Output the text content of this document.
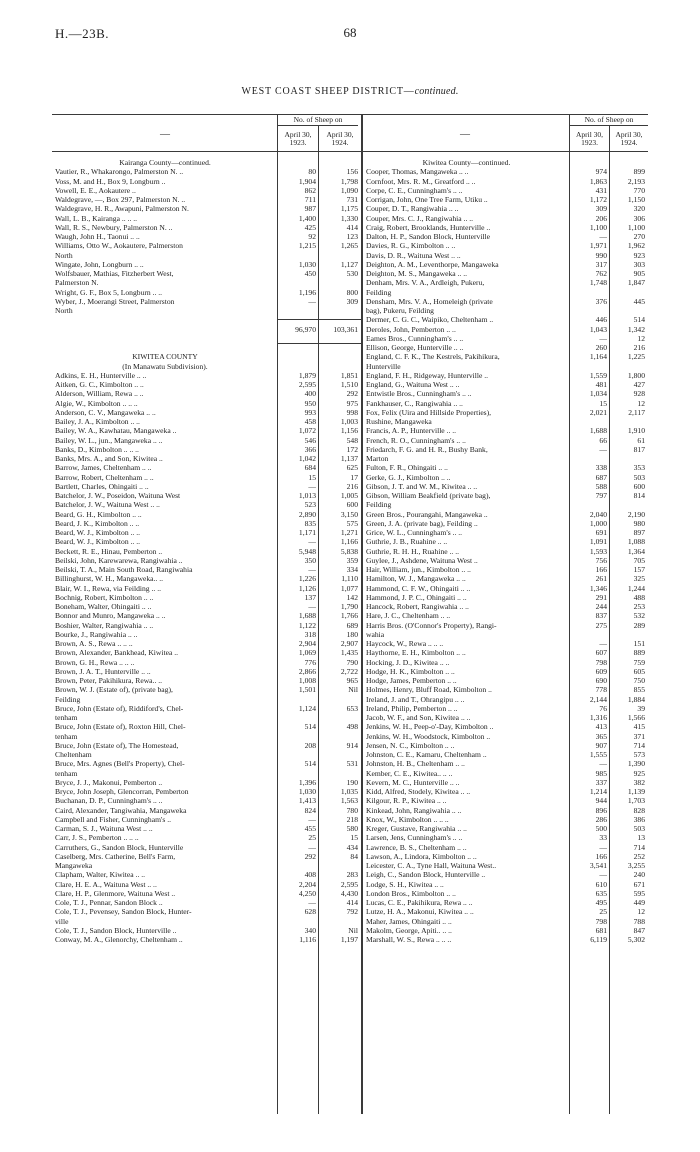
H.—23B.	68
WEST COAST SHEEP DISTRICT—continued.
—
No. of Sheep on
April 30,
1923.
April 30,
1924.
—
No. of Sheep on
April 30,
1923.
April 30,
1924.
Kairanga County—continued.
Vautier, R., Whakarongo, Palmerston N. ..	80	156
Voss, M. and H., Box 9, Longburn ..	1,904	1,798
Vowell, E. E., Aokautere ..	862	1,090
Waldegrave, —, Box 297, Palmerston N. ..	711	731
Waldegrave, H. R., Awapuni, Palmerston N.	987	1,175
Wall, L. B., Kairanga .. .. ..	1,400	1,330
Wall, R. S., Newbury, Palmerston N. ..	425	414
Waugh, John H., Taonui .. ..	92	123
Williams, Otto W., Aokautere, Palmerston	1,215	1,265
North
Wingate, John, Longburn .. ..	1,030	1,127
Wolfsbauer, Mathias, Fitzherbert West,	450	530
Palmerston N.
Wright, G. F., Box 5, Longburn .. ..	1,196	800
Wyber, J., Moerangi Street, Palmerston	—	309
North
96,970 103,361
KIWITEA COUNTY
(In Manawatu Subdivision).
Adkins, E. H., Hunterville .. ..	1,879	1,851
Aitken, G. C., Kimbolton .. ..	2,595	1,510
Alderson, William, Rewa .. ..	400	292
Algie, W., Kimbolton .. .. ..	950	975
Anderson, C. V., Mangaweka .. ..	993	998
Bailey, J. A., Kimbolton .. ..	458	1,003
Bailey, W. A., Kawhatau, Mangaweka ..	1,072	1,156
Bailey, W. L., jun., Mangaweka .. ..	546	548
Banks, D., Kimbolton .. .. ..	366	172
Banks, Mrs. A., and Son, Kiwitea ..	1,042	1,137
Barrow, James, Cheltenham .. ..	684	625
Barrow, Robert, Cheltenham .. ..	15	17
Bartlett, Charles, Ohingaiti .. ..	—	216
Batchelor, J. W., Poseidon, Waituna West	1,013	1,005
Batchelor, J. W., Waituna West .. ..	523	600
Beard, G. H., Kimbolton .. ..	2,890	3,150
Beard, J. K., Kimbolton .. ..	835	575
Beard, W. J., Kimbolton .. ..	1,171	1,271
Beard, W. J., Kimbolton .. ..	—	1,166
Beckett, R. E., Hinau, Pemberton ..	5,948	5,838
Beilski, John, Karewarewa, Rangiwahia ..	350	359
Beilski, T. A., Main South Road, Rangiwahia	—	334
Billinghurst, W. H., Mangaweka.. ..	1,226	1,110
Blair, W. I., Rewa, via Feilding .. ..	1,126	1,077
Bochnig, Robert, Kimbolton .. ..	137	142
Boneham, Walter, Ohingaiti .. ..	—	1,790
Bonnor and Munro, Mangaweka .. ..	1,688	1,766
Boshier, Walter, Rangiwahia .. ..	1,122	689
Bourke, J., Rangiwahia .. ..	318	180
Brown, A. S., Rewa .. .. ..	2,904	2,907
Brown, Alexander, Bankhead, Kiwitea ..	1,069	1,435
Brown, G. H., Rewa .. .. ..	776	790
Brown, J. A. T., Hunterville .. ..	2,866	2,722
Brown, Peter, Pakihikura, Rewa.. ..	1,008	965
Brown, W. J. (Estate of), (private bag),	1,501	Nil
Feilding
Bruce, John (Estate of), Riddiford's, Chel-	1,124	653
tenham
Bruce, John (Estate of), Roxton Hill, Chel-	514	498
tenham
Bruce, John (Estate of), The Homestead,	208	914
Cheltenham
Bruce, Mrs. Agnes (Bell's Property), Chel-	514	531
tenham
Bryce, J. J., Makonui, Pemberton ..	1,396	190
Bryce, John Joseph, Glencorran, Pemberton	1,030	1,035
Buchanan, D. P., Cunningham's .. ..	1,413	1,563
Caird, Alexander, Tangiwahia, Mangaweka	824	780
Campbell and Fisher, Cunningham's ..	—	218
Carman, S. J., Waituna West .. ..	455	580
Carr, J. S., Pemberton .. .. ..	25	15
Carruthers, G., Sandon Block, Hunterville	—	434
Caselberg, Mrs. Catherine, Bell's Farm,	292	84
Mangaweka
Clapham, Walter, Kiwitea .. ..	408	283
Clare, H. E. A., Waituna West .. ..	2,204	2,595
Clare, H. P., Glenmore, Waituna West ..	4,250	4,430
Cole, T. J., Pennar, Sandon Block ..	—	414
Cole, T. J., Pevensey, Sandon Block, Hunter-	628	792
ville
Cole, T. J., Sandon Block, Hunterville ..	340	Nil
Conway, M. A., Glenorchy, Cheltenham ..	1,116	1,197
Kiwitea County—continued.
Cooper, Thomas, Mangaweka .. ..	974	899
Cornfoot, Mrs. R. M., Greatford .. ..	1,863	2,193
Corpe, C. E., Cunningham's .. ..	431	770
Corrigan, John, One Tree Farm, Utiku ..	1,172	1,150
Couper, D. T., Rangiwahia .. ..	309	320
Couper, Mrs. C. J., Rangiwahia .. ..	206	306
Craig, Robert, Brooklands, Hunterville ..	1,100	1,100
Dalton, H. P., Sandon Block, Hunterville	—	270
Davies, R. G., Kimbolton .. ..	1,971	1,962
Davis, D. R., Waituna West .. ..	990	923
Deighton, A. M., Leventhorpe, Mangaweka	317	303
Deighton, M. S., Mangaweka .. ..	762	905
Denham, Mrs. V. A., Ardleigh, Pukeru,	1,748	1,847
Feilding
Densham, Mrs. V. A., Homeleigh (private	376	445
bag), Pukeru, Feilding
Dermer, C. G. C., Waipiko, Cheltenham ..	446	514
Deroles, John, Pemberton .. ..	1,043	1,342
Eames Bros., Cunningham's .. ..	—	12
Ellison, George, Hunterville .. ..	260	216
England, C. F. K., The Kestrels, Pakihikura,	1,164	1,225
Hunterville
England, F. H., Ridgeway, Hunterville ..	1,559	1,800
England, G., Waituna West .. ..	481	427
Entwistle Bros., Cunningham's .. ..	1,034	928
Fankhauser, C., Rangiwahia .. ..	15	12
Fox, Felix (Uira and Hillside Properties),	2,021	2,117
Rushine, Mangaweka
Francis, A. P., Hunterville .. ..	1,688	1,910
French, R. O., Cunningham's .. ..	66	61
Friedarch, F. G. and H. R., Bushy Bank,	—	817
Marton
Fulton, F. R., Ohingaiti .. ..	338	353
Gerke, G. J., Kimbolton .. ..	687	503
Gibson, J. T. and W. M., Kiwitea .. ..	588	600
Gibson, William Beakfield (private bag),	797	814
Feilding
Green Bros., Pourangahi, Mangaweka ..	2,040	2,190
Green, J. A. (private bag), Feilding ..	1,000	980
Grice, W. L., Cunningham's .. ..	691	897
Guthrie, J. B., Ruahine .. ..	1,091	1,088
Guthrie, R. H. H., Ruahine .. ..	1,593	1,364
Guylee, J., Ashdene, Waituna West ..	756	705
Hair, William, jun., Kimbolton .. ..	166	157
Hamilton, W. J., Mangaweka .. ..	261	325
Hammond, C. F. W., Ohingaiti .. ..	1,346	1,244
Hammond, J. P. C., Ohingaiti .. ..	291	488
Hancock, Robert, Rangiwahia .. ..	244	253
Hare, J. C., Cheltenham .. ..	837	532
Harris Bros. (O'Connor's Property), Rangi-	275	289
wahia
Haycock, W., Rewa .. .. ..	—	151
Haythorne, E. H., Kimbolton .. ..	607	889
Hocking, J. D., Kiwitea .. ..	798	759
Hodge, H. K., Kimbolton .. ..	609	605
Hodge, James, Pemberton .. ..	690	750
Holmes, Henry, Bluff Road, Kimbolton ..	778	855
Ireland, J. and T., Ohrangipu .. ..	2,144	1,884
Ireland, Philip, Pemberton .. ..	76	39
Jacob, W. F., and Son, Kiwitea .. ..	1,316	1,566
Jenkins, W. H., Peep-o'-Day, Kimbolton ..	413	415
Jenkins, W. H., Woodstock, Kimbolton ..	365	371
Jensen, N. C., Kimbolton .. ..	907	714
Johnston, C. E., Kamaru, Cheltenham ..	1,555	573
Johnston, H. B., Cheltenham .. ..	—	1,390
Kember, C. E., Kiwitea.. .. ..	985	925
Kevern, M. C., Hunterville .. ..	337	382
Kidd, Alfred, Stodely, Kiwitea .. ..	1,214	1,139
Kilgour, R. P., Kiwitea .. ..	944	1,703
Kinkead, John, Rangiwahia .. ..	896	828
Knox, W., Kimbolton .. .. ..	286	386
Kreger, Gustave, Rangiwahia .. ..	500	503
Larsen, Jens, Cunningham's .. ..	33	13
Lawrence, B. S., Cheltenham .. ..	—	714
Lawson, A., Lindora, Kimbolton .. ..	166	252
Leicester, C. A., Tyne Hall, Waituna West..	3,541	3,255
Leigh, C., Sandon Block, Hunterville ..	—	240
Lodge, S. H., Kiwitea .. ..	610	671
London Bros., Kimbolton .. ..	635	595
Lucas, C. E., Pakihikura, Rewa .. ..	495	449
Lutze, H. A., Makonui, Kiwitea .. ..	25	12
Maher, James, Ohingaiti .. ..	798	788
Makolm, George, Apiti.. .. ..	681	847
Marshall, W. S., Rewa .. .. ..	6,119	5,302
